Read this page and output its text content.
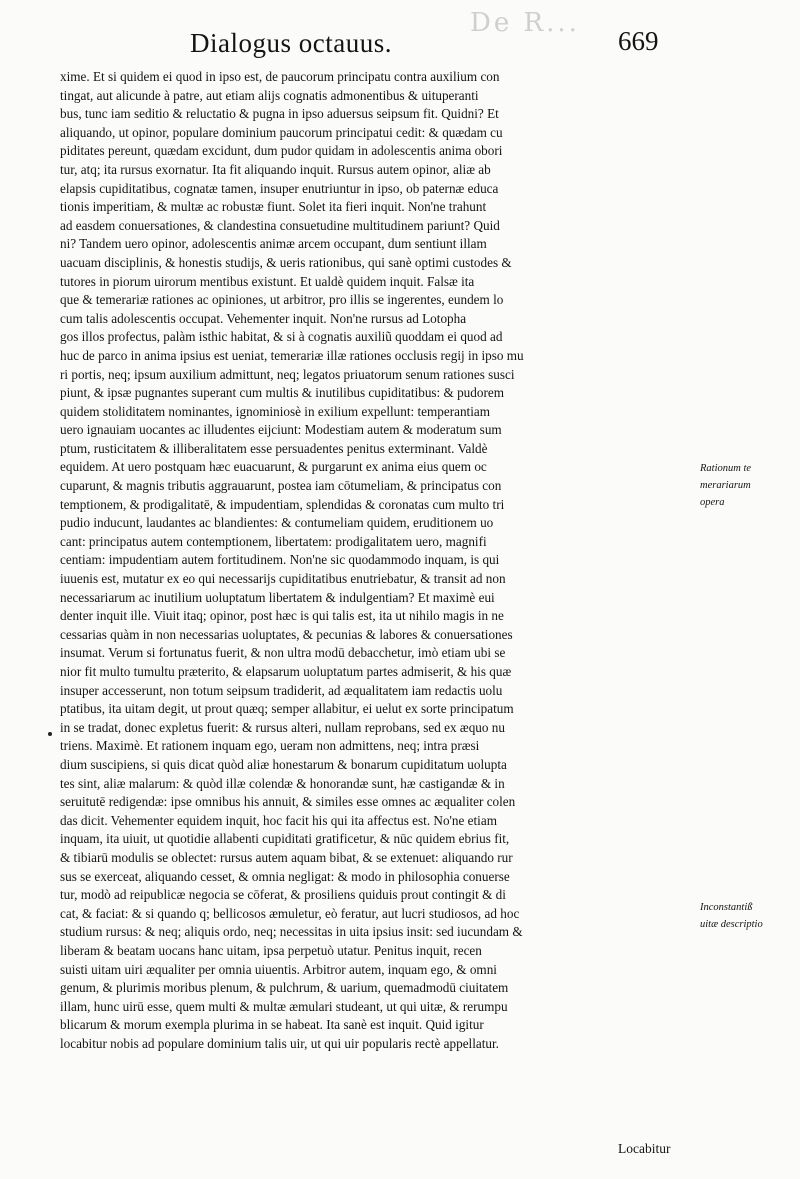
De R...
Dialogus octauus.	669
xime. Et si quidem ei quod in ipso est, de paucorum principatu contra auxilium con
tingat, aut alicunde à patre, aut etiam alijs cognatis admonentibus & uituperanti
bus, tunc iam seditio & reluctatio & pugna in ipso aduersus seipsum fit. Quidni? Et
aliquando, ut opinor, populare dominium paucorum principatui cedit: & quædam cu
piditates pereunt, quædam excidunt, dum pudor quidam in adolescentis anima obori
tur, atq; ita rursus exornatur. Ita fit aliquando inquit. Rursus autem opinor, aliæ ab
elapsis cupiditatibus, cognatæ tamen, insuper enutriuntur in ipso, ob paternæ educa
tionis imperitiam, & multæ ac robustæ fiunt. Solet ita fieri inquit. Non'ne trahunt
ad easdem conuersationes, & clandestina consuetudine multitudinem pariunt? Quid
ni? Tandem uero opinor, adolescentis animæ arcem occupant, dum sentiunt illam
uacuam disciplinis, & honestis studijs, & ueris rationibus, qui sanè optimi custodes &
tutores in piorum uirorum mentibus existunt. Et ualdè quidem inquit. Falsæ ita
que & temerariæ rationes ac opiniones, ut arbitror, pro illis se ingerentes, eundem lo
cum talis adolescentis occupat. Vehementer inquit. Non'ne rursus ad Lotopha
gos illos profectus, palàm isthic habitat, & si à cognatis auxiliũ quoddam ei quod ad
huc de parco in anima ipsius est ueniat, temerariæ illæ rationes occlusis regij in ipso mu
ri portis, neq; ipsum auxilium admittunt, neq; legatos priuatorum senum rationes susci
piunt, & ipsæ pugnantes superant cum multis & inutilibus cupiditatibus: & pudorem
quidem stoliditatem nominantes, ignominiosè in exilium expellunt: temperantiam
uero ignauiam uocantes ac illudentes eijciunt: Modestiam autem & moderatum sum
ptum, rusticitatem & illiberalitatem esse persuadentes penitus exterminant. Valdè
equidem. At uero postquam hæc euacuarunt, & purgarunt ex anima eius quem oc
cuparunt, & magnis tributis aggrauarunt, postea iam cōtumeliam, & principatus con
temptionem, & prodigalitatē, & impudentiam, splendidas & coronatas cum multo tri
pudio inducunt, laudantes ac blandientes: & contumeliam quidem, eruditionem uo
cant: principatus autem contemptionem, libertatem: prodigalitatem uero, magnifi
centiam: impudentiam autem fortitudinem. Non'ne sic quodammodo inquam, is qui
iuuenis est, mutatur ex eo qui necessarijs cupiditatibus enutriebatur, & transit ad non
necessariarum ac inutilium uoluptatum libertatem & indulgentiam? Et maximè eui
denter inquit ille. Viuit itaq; opinor, post hæc is qui talis est, ita ut nihilo magis in ne
cessarias quàm in non necessarias uoluptates, & pecunias & labores & conuersationes
insumat. Verum si fortunatus fuerit, & non ultra modū debacchetur, imò etiam ubi se
nior fit multo tumultu præterito, & elapsarum uoluptatum partes admiserit, & his quæ
insuper accesserunt, non totum seipsum tradiderit, ad æqualitatem iam redactis uolu
ptatibus, ita uitam degit, ut prout quæq; semper allabitur, ei uelut ex sorte principatum
in se tradat, donec expletus fuerit: & rursus alteri, nullam reprobans, sed ex æquo nu
triens. Maximè. Et rationem inquam ego, ueram non admittens, neq; intra præsi
dium suscipiens, si quis dicat quòd aliæ honestarum & bonarum cupiditatum uolupta
tes sint, aliæ malarum: & quòd illæ colendæ & honorandæ sunt, hæ castigandæ & in
seruitutē redigendæ: ipse omnibus his annuit, & similes esse omnes ac æqualiter colen
das dicit. Vehementer equidem inquit, hoc facit his qui ita affectus est. No'ne etiam
inquam, ita uiuit, ut quotidie allabenti cupiditati gratificetur, & nūc quidem ebrius fit,
& tibiarū modulis se oblectet: rursus autem aquam bibat, & se extenuet: aliquando rur
sus se exerceat, aliquando cesset, & omnia negligat: & modo in philosophia conuerse
tur, modò ad reipublicæ negocia se cōferat, & prosiliens quiduis prout contingit & di
cat, & faciat: & si quando q; bellicosos æmuletur, eò feratur, aut lucri studiosos, ad hoc
studium rursus: & neq; aliquis ordo, neq; necessitas in uita ipsius insit: sed iucundam &
liberam & beatam uocans hanc uitam, ipsa perpetuò utatur. Penitus inquit, recen
suisti uitam uiri æqualiter per omnia uiuentis. Arbitror autem, inquam ego, & omni
genum, & plurimis moribus plenum, & pulchrum, & uarium, quemadmodū ciuitatem
illam, hunc uirū esse, quem multi & multæ æmulari studeant, ut qui uitæ, & rerumpu
blicarum & morum exempla plurima in se habeat. Ita sanè est inquit. Quid igitur
locabitur nobis ad populare dominium talis uir, ut qui uir popularis rectè appellatur.
Rationum te
merariarum
opera
Inconstantiß
uitæ descriptio
Locabitur
